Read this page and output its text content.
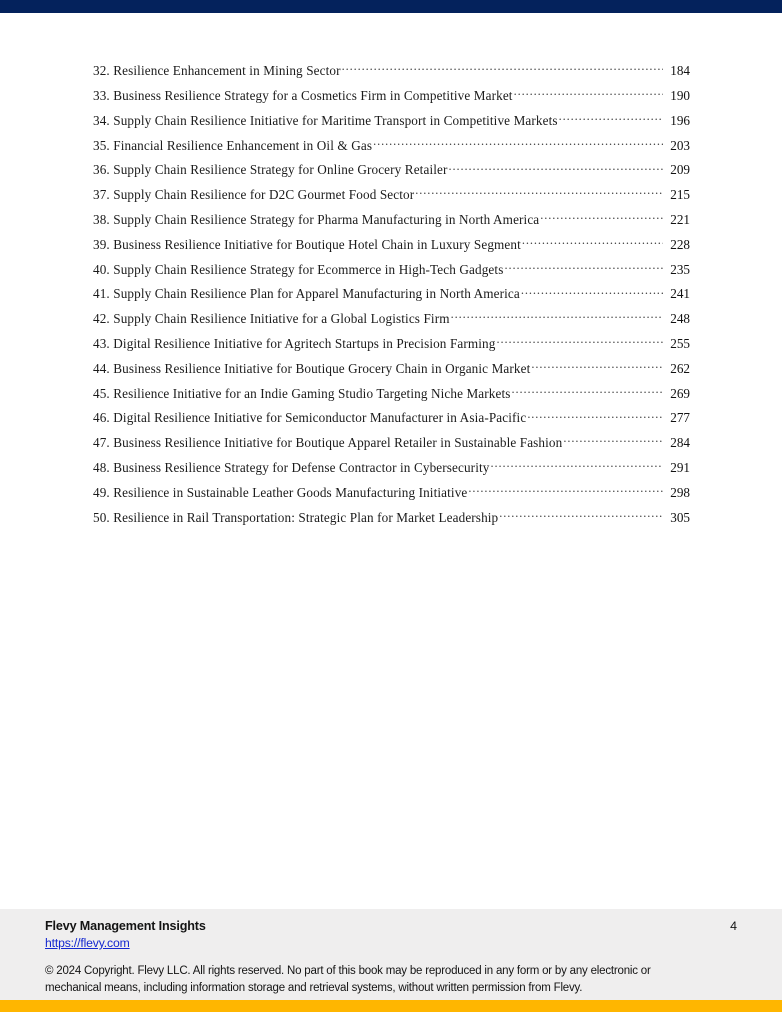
32. Resilience Enhancement in Mining Sector .....	184
33. Business Resilience Strategy for a Cosmetics Firm in Competitive Market .....	190
34. Supply Chain Resilience Initiative for Maritime Transport in Competitive Markets .....	196
35. Financial Resilience Enhancement in Oil & Gas .....	203
36. Supply Chain Resilience Strategy for Online Grocery Retailer .....	209
37. Supply Chain Resilience for D2C Gourmet Food Sector .....	215
38. Supply Chain Resilience Strategy for Pharma Manufacturing in North America .....	221
39. Business Resilience Initiative for Boutique Hotel Chain in Luxury Segment .....	228
40. Supply Chain Resilience Strategy for Ecommerce in High-Tech Gadgets .....	235
41. Supply Chain Resilience Plan for Apparel Manufacturing in North America .....	241
42. Supply Chain Resilience Initiative for a Global Logistics Firm .....	248
43. Digital Resilience Initiative for Agritech Startups in Precision Farming .....	255
44. Business Resilience Initiative for Boutique Grocery Chain in Organic Market .....	262
45. Resilience Initiative for an Indie Gaming Studio Targeting Niche Markets .....	269
46. Digital Resilience Initiative for Semiconductor Manufacturer in Asia-Pacific .....	277
47. Business Resilience Initiative for Boutique Apparel Retailer in Sustainable Fashion .....	284
48. Business Resilience Strategy for Defense Contractor in Cybersecurity .....	291
49. Resilience in Sustainable Leather Goods Manufacturing Initiative .....	298
50. Resilience in Rail Transportation: Strategic Plan for Market Leadership .....	305
Flevy Management Insights
https://flevy.com
4
© 2024 Copyright. Flevy LLC. All rights reserved. No part of this book may be reproduced in any form or by any electronic or mechanical means, including information storage and retrieval systems, without written permission from Flevy.
